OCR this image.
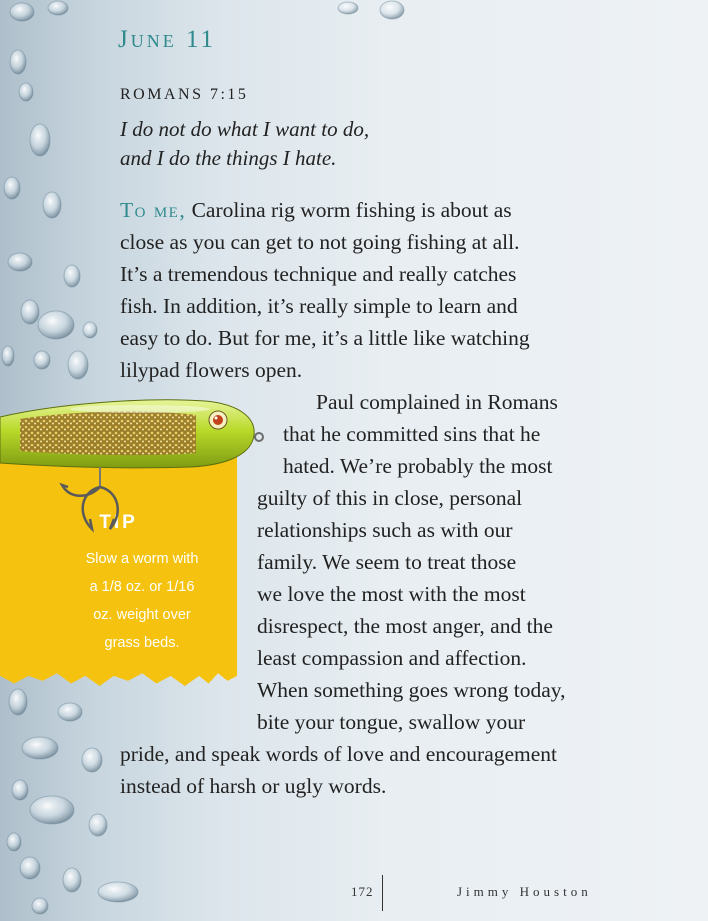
June 11
ROMANS 7:15
I do not do what I want to do,
and I do the things I hate.
To me, Carolina rig worm fishing is about as
close as you can get to not going fishing at all.
It’s a tremendous technique and really catches
fish. In addition, it’s really simple to learn and
easy to do. But for me, it’s a little like watching
lilypad flowers open.
Paul complained in Romans
that he committed sins that he
hated. We’re probably the most
guilty of this in close, personal
relationships such as with our
family. We seem to treat those
we love the most with the most
disrespect, the most anger, and the
least compassion and affection.
When something goes wrong today,
bite your tongue, swallow your
pride, and speak words of love and encouragement
instead of harsh or ugly words.
TIP
Slow a worm with
a 1/8 oz. or 1/16
oz. weight over
grass beds.
172	Jimmy Houston
